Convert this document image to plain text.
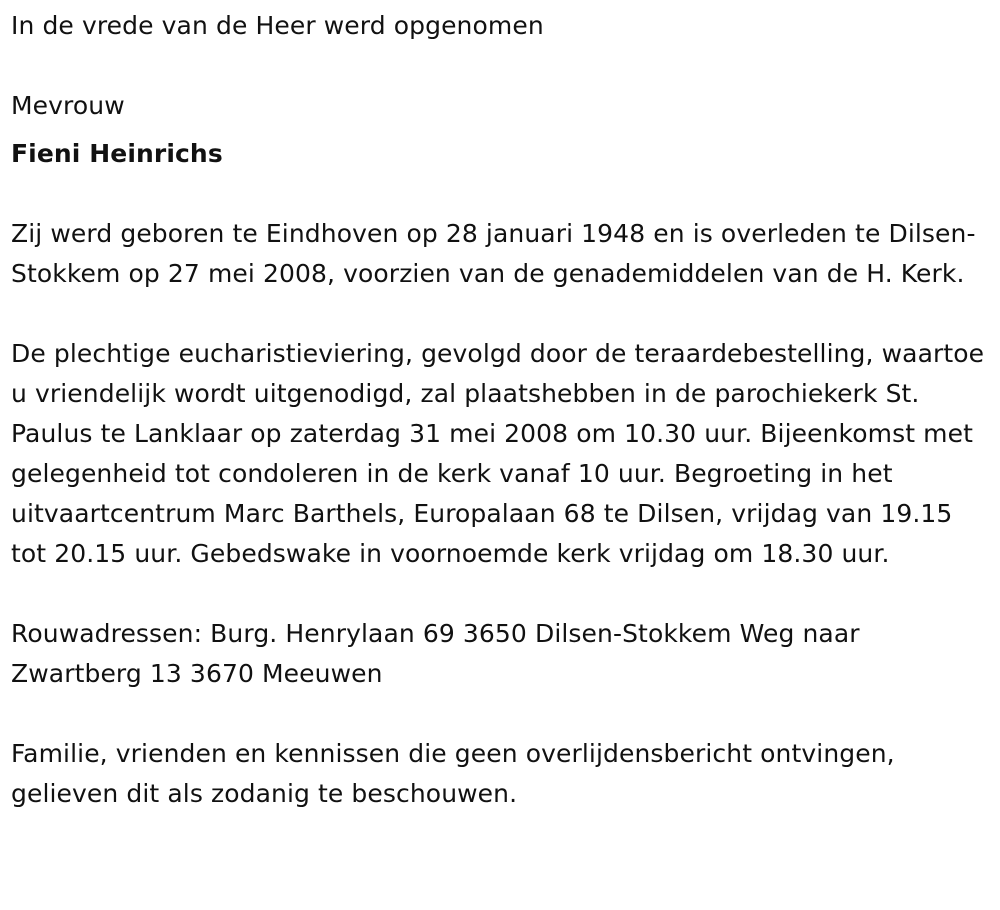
In de vrede van de Heer werd opgenomen

Mevrouw

Fieni Heinrichs

Zij werd geboren te Eindhoven op 28 januari 1948 en is overleden te Dilsen-Stokkem op 27 mei 2008, voorzien van de genademiddelen van de H. Kerk.

De plechtige eucharistieviering, gevolgd door de teraardebestelling, waartoe u vriendelijk wordt uitgenodigd, zal plaatshebben in de parochiekerk St. Paulus te Lanklaar op zaterdag 31 mei 2008 om 10.30 uur. Bijeenkomst met gelegenheid tot condoleren in de kerk vanaf 10 uur. Begroeting in het uitvaartcentrum Marc Barthels, Europalaan 68 te Dilsen, vrijdag van 19.15 tot 20.15 uur. Gebedswake in voornoemde kerk vrijdag om 18.30 uur.

Rouwadressen: Burg. Henrylaan 69 3650 Dilsen-Stokkem Weg naar Zwartberg 13 3670 Meeuwen

Familie, vrienden en kennissen die geen overlijdensbericht ontvingen, gelieven dit als zodanig te beschouwen.
